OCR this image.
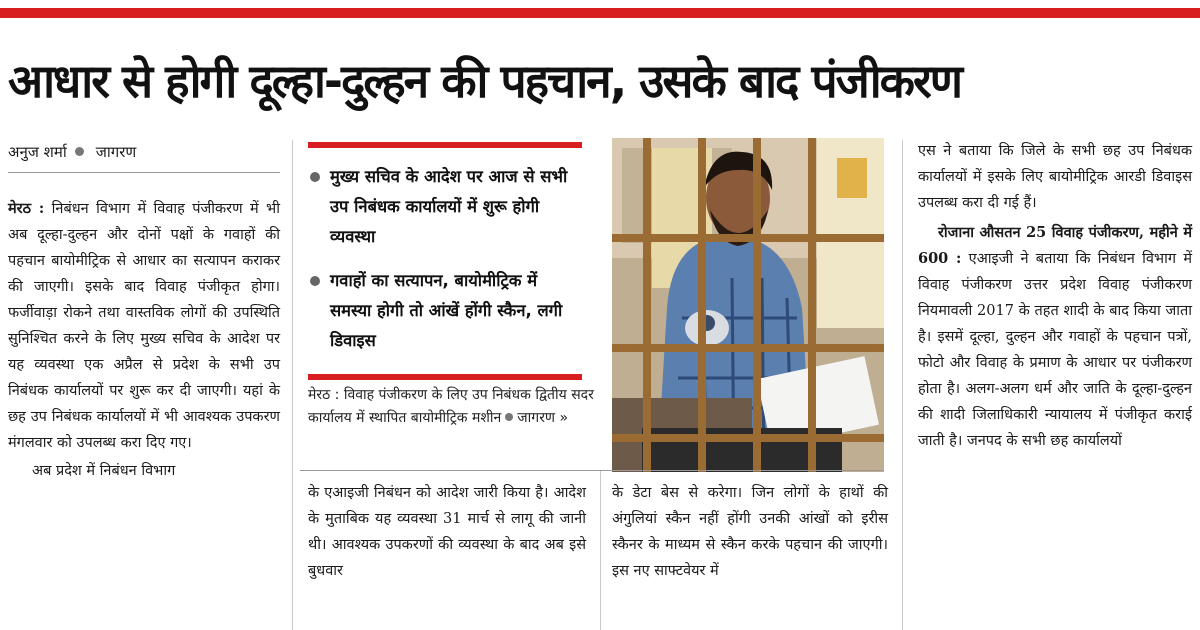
आधार से होगी दूल्हा-दुल्हन की पहचान, उसके बाद पंजीकरण
अनुज शर्मा जागरण

मेरठ : निबंधन विभाग में विवाह पंजीकरण में भी अब दूल्हा-दुल्हन और दोनों पक्षों के गवाहों की पहचान बायोमीट्रिक से आधार का सत्यापन कराकर की जाएगी। इसके बाद विवाह पंजीकृत होगा। फर्जीवाड़ा रोकने तथा वास्तविक लोगों की उपस्थिति सुनिश्चित करने के लिए मुख्य सचिव के आदेश पर यह व्यवस्था एक अप्रैल से प्रदेश के सभी उप निबंधक कार्यालयों पर शुरू कर दी जाएगी। यहां के छह उप निबंधक कार्यालयों में भी आवश्यक उपकरण मंगलवार को उपलब्ध करा दिए गए।

अब प्रदेश में निबंधन विभाग

मुख्य सचिव के आदेश पर आज से सभी उप निबंधक कार्यालयों में शुरू होगी व्यवस्था
गवाहों का सत्यापन, बायोमीट्रिक में समस्या होगी तो आंखें होंगी स्कैन, लगी डिवाइस
मेरठ : विवाह पंजीकरण के लिए उप निबंधक द्वितीय सदर कार्यालय में स्थापित बायोमीट्रिक मशीन जागरण »

के एआइजी निबंधन को आदेश जारी किया है। आदेश के मुताबिक यह व्यवस्था 31 मार्च से लागू की जानी थी। आवश्यक उपकरणों की व्यवस्था के बाद अब इसे बुधवार

के डेटा बेस से करेगा। जिन लोगों के हाथों की अंगुलियां स्कैन नहीं होंगी उनकी आंखों को इरीस स्कैनर के माध्यम से स्कैन करके पहचान की जाएगी। इस नए साफ्टवेयर में

एस ने बताया कि जिले के सभी छह उप निबंधक कार्यालयों में इसके लिए बायोमीट्रिक आरडी डिवाइस उपलब्ध करा दी गई हैं।

रोजाना औसतन 25 विवाह पंजीकरण, महीने में 600 : एआइजी ने बताया कि निबंधन विभाग में विवाह पंजीकरण उत्तर प्रदेश विवाह पंजीकरण नियमावली 2017 के तहत शादी के बाद किया जाता है। इसमें दूल्हा, दुल्हन और गवाहों के पहचान पत्रों, फोटो और विवाह के प्रमाण के आधार पर पंजीकरण होता है। अलग-अलग धर्म और जाति के दूल्हा-दुल्हन की शादी जिलाधिकारी न्यायालय में पंजीकृत कराई जाती है। जनपद के सभी छह कार्यालयों
